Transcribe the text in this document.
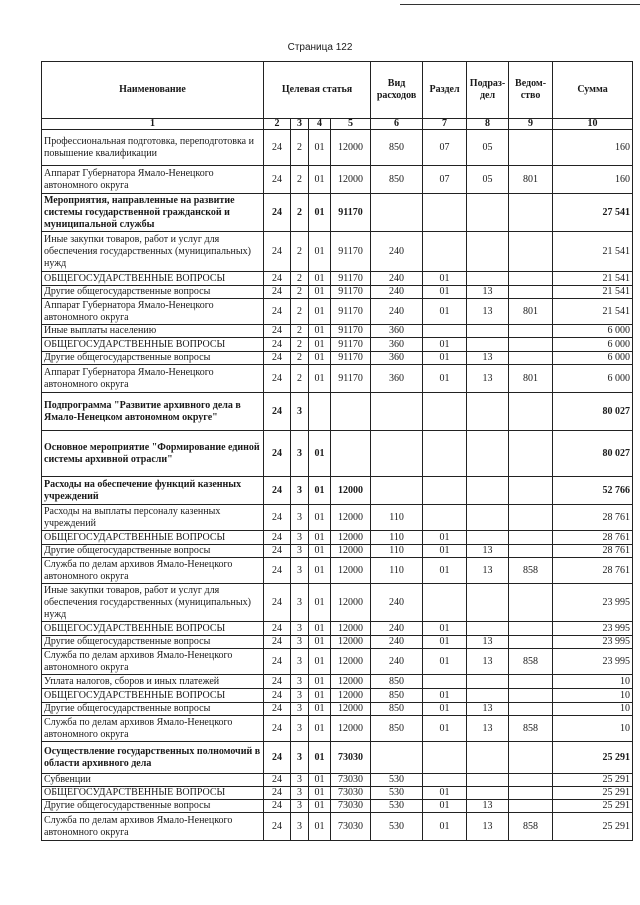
Страница 122
Наименование	Целевая статья				Вид расходов	Раздел	Подраз-дел	Ведом-ство	Сумма
1	2	3	4	5	6	7	8	9	10
Профессиональная подготовка, переподготовка и повышение квалификации	24	2	01	12000	850	07	05		160
Аппарат Губернатора Ямало-Ненецкого автономного округа	24	2	01	12000	850	07	05	801	160
Мероприятия, направленные на развитие системы государственной гражданской и муниципальной службы	24	2	01	91170					27 541
Иные закупки товаров, работ и услуг для обеспечения государственных (муниципальных) нужд	24	2	01	91170	240				21 541
ОБЩЕГОСУДАРСТВЕННЫЕ ВОПРОСЫ	24	2	01	91170	240	01			21 541
Другие общегосударственные вопросы	24	2	01	91170	240	01	13		21 541
Аппарат Губернатора Ямало-Ненецкого автономного округа	24	2	01	91170	240	01	13	801	21 541
Иные выплаты населению	24	2	01	91170	360				6 000
ОБЩЕГОСУДАРСТВЕННЫЕ ВОПРОСЫ	24	2	01	91170	360	01			6 000
Другие общегосударственные вопросы	24	2	01	91170	360	01	13		6 000
Аппарат Губернатора Ямало-Ненецкого автономного округа	24	2	01	91170	360	01	13	801	6 000
Подпрограмма "Развитие архивного дела в Ямало-Ненецком автономном округе"	24	3							80 027
Основное мероприятие "Формирование единой системы архивной отрасли"	24	3	01						80 027
Расходы на обеспечение функций казенных учреждений	24	3	01	12000					52 766
Расходы на выплаты персоналу казенных учреждений	24	3	01	12000	110				28 761
ОБЩЕГОСУДАРСТВЕННЫЕ ВОПРОСЫ	24	3	01	12000	110	01			28 761
Другие общегосударственные вопросы	24	3	01	12000	110	01	13		28 761
Служба по делам архивов Ямало-Ненецкого автономного округа	24	3	01	12000	110	01	13	858	28 761
Иные закупки товаров, работ и услуг для обеспечения государственных (муниципальных) нужд	24	3	01	12000	240				23 995
ОБЩЕГОСУДАРСТВЕННЫЕ ВОПРОСЫ	24	3	01	12000	240	01			23 995
Другие общегосударственные вопросы	24	3	01	12000	240	01	13		23 995
Служба по делам архивов Ямало-Ненецкого автономного округа	24	3	01	12000	240	01	13	858	23 995
Уплата налогов, сборов и иных платежей	24	3	01	12000	850				10
ОБЩЕГОСУДАРСТВЕННЫЕ ВОПРОСЫ	24	3	01	12000	850	01			10
Другие общегосударственные вопросы	24	3	01	12000	850	01	13		10
Служба по делам архивов Ямало-Ненецкого автономного округа	24	3	01	12000	850	01	13	858	10
Осуществление государственных полномочий в области архивного дела	24	3	01	73030					25 291
Субвенции	24	3	01	73030	530				25 291
ОБЩЕГОСУДАРСТВЕННЫЕ ВОПРОСЫ	24	3	01	73030	530	01			25 291
Другие общегосударственные вопросы	24	3	01	73030	530	01	13		25 291
Служба по делам архивов Ямало-Ненецкого автономного округа	24	3	01	73030	530	01	13	858	25 291
